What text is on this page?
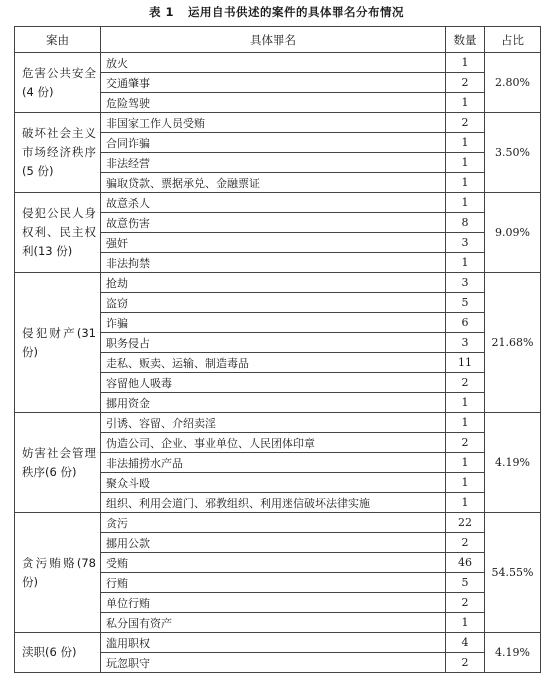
表 1 运用自书供述的案件的具体罪名分布情况
案由	具体罪名	数量	占比
危害公共安全(4 份)	放火	1	2.80%
	交通肇事	2	
	危险驾驶	1	
破坏社会主义市场经济秩序(5 份)	非国家工作人员受贿	2	3.50%
	合同诈骗	1	
	非法经营	1	
	骗取贷款、票据承兑、金融票证	1	
侵犯公民人身权利、民主权利(13 份)	故意杀人	1	9.09%
	故意伤害	8	
	强奸	3	
	非法拘禁	1	
侵犯财产(31 份)	抢劫	3	21.68%
	盗窃	5	
	诈骗	6	
	职务侵占	3	
	走私、贩卖、运输、制造毒品	11	
	容留他人吸毒	2	
	挪用资金	1	
妨害社会管理秩序(6 份)	引诱、容留、介绍卖淫	1	4.19%
	伪造公司、企业、事业单位、人民团体印章	2	
	非法捕捞水产品	1	
	聚众斗殴	1	
	组织、利用会道门、邪教组织、利用迷信破坏法律实施	1	
贪污贿赂(78 份)	贪污	22	54.55%
	挪用公款	2	
	受贿	46	
	行贿	5	
	单位行贿	2	
	私分国有资产	1	
渎职(6 份)	滥用职权	4	4.19%
	玩忽职守	2	
